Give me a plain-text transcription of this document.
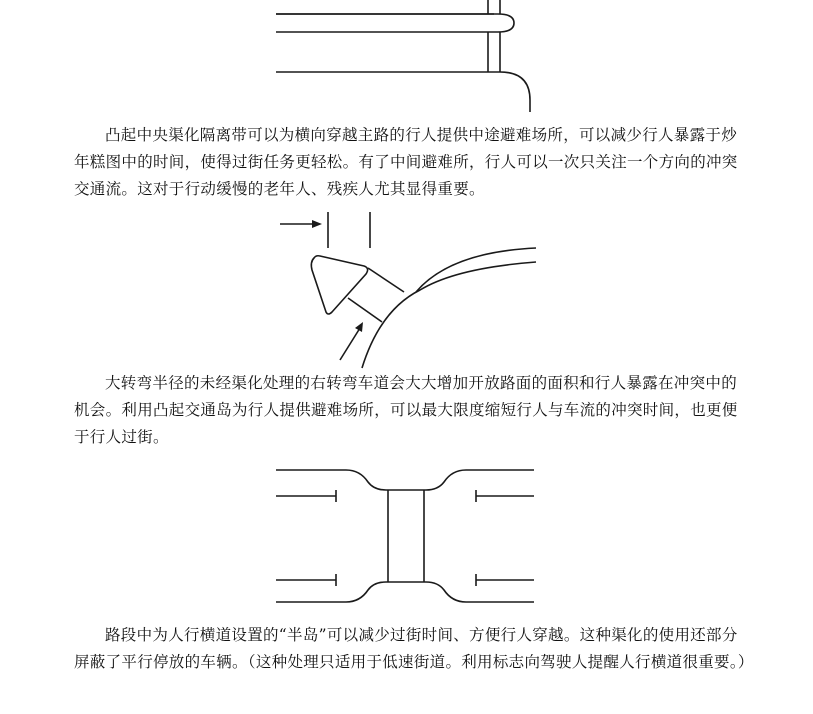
凸起中央渠化隔离带可以为横向穿越主路的行人提供中途避难场所，可以减少行人暴露于炒年糕图中的时间，使得过街任务更轻松。有了中间避难所，行人可以一次只关注一个方向的冲突交通流。这对于行动缓慢的老年人、残疾人尤其显得重要。

大转弯半径的未经渠化处理的右转弯车道会大大增加开放路面的面积和行人暴露在冲突中的机会。利用凸起交通岛为行人提供避难场所，可以最大限度缩短行人与车流的冲突时间，也更便于行人过街。

路段中为人行横道设置的“半岛”可以减少过街时间、方便行人穿越。这种渠化的使用还部分屏蔽了平行停放的车辆。（这种处理只适用于低速街道。利用标志向驾驶人提醒人行横道很重要。）
